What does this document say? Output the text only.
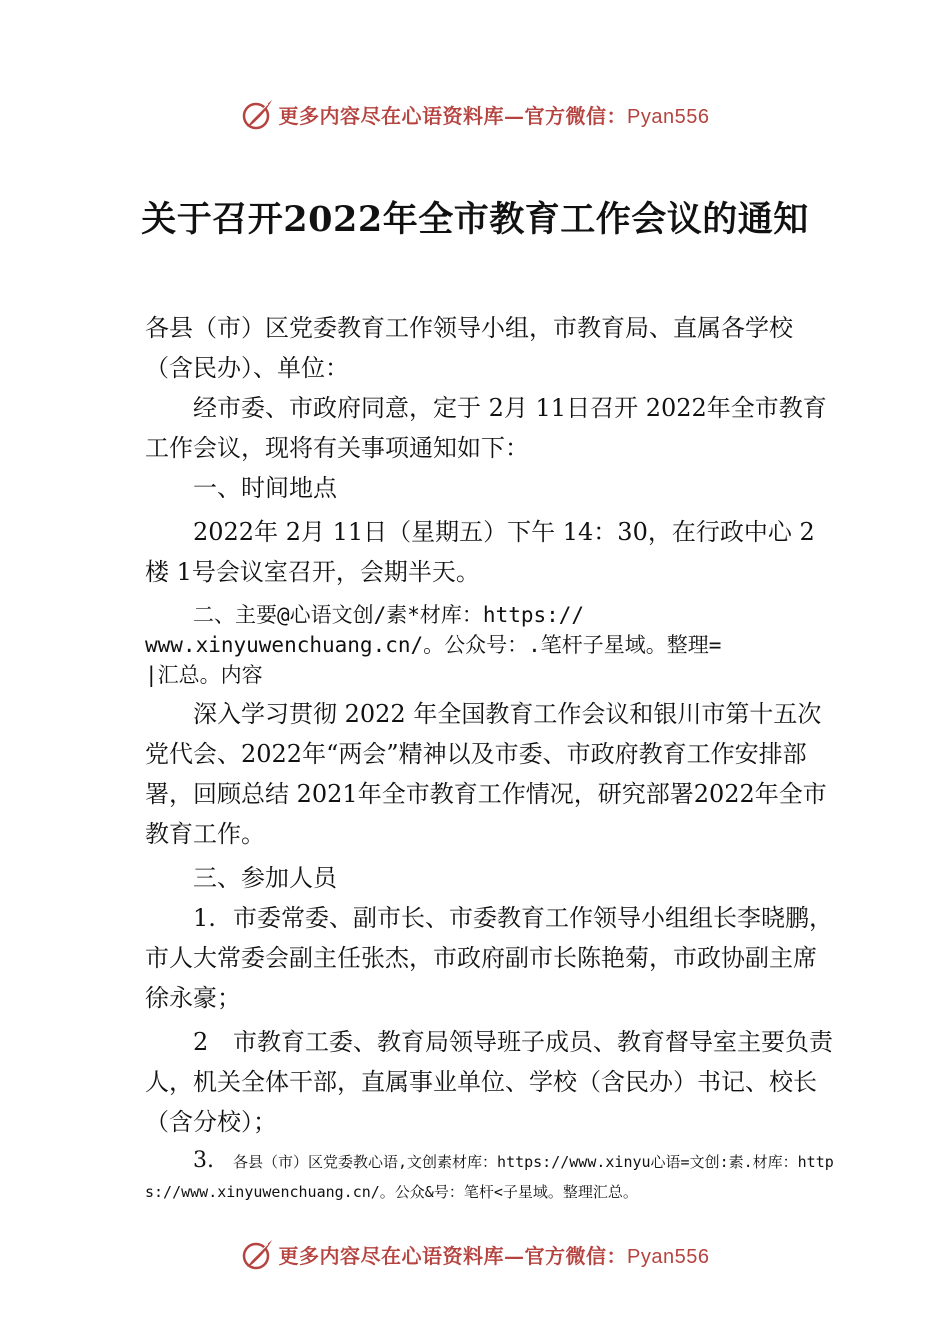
更多内容尽在心语资料库—官方微信：Pyan556
关于召开2022年全市教育工作会议的通知

各县（市）区党委教育工作领导小组，市教育局、直属各学校（含民办）、单位：

经市委、市政府同意，定于 2月 11日召开 2022年全市教育工作会议，现将有关事项通知如下：

一、时间地点

2022年 2月 11日（星期五）下午 14：30，在行政中心 2楼 1号会议室召开，会期半天。

二、主要@心语文创/素*材库：https://

www.xinyuwenchuang.cn/。公众号：.笔杆子星域。整理=

|汇总。内容

深入学习贯彻 2022 年全国教育工作会议和银川市第十五次党代会、2022年“两会”精神以及市委、市政府教育工作安排部署，回顾总结 2021年全市教育工作情况，研究部署2022年全市教育工作。

三、参加人员

1. 市委常委、副市长、市委教育工作领导小组组长李晓鹏，市人大常委会副主任张杰，市政府副市长陈艳菊，市政协副主席徐永豪；

2 市教育工委、教育局领导班子成员、教育督导室主要负责人，机关全体干部，直属事业单位、学校（含民办）书记、校长（含分校）；

3. 各县（市）区党委教心语,文创素材库：https://www.xinyu心语=文创:素.材库：https://www.xinyuwenchuang.cn/。公众&号：笔杆<子星域。整理汇总。

更多内容尽在心语资料库—官方微信：Pyan556
